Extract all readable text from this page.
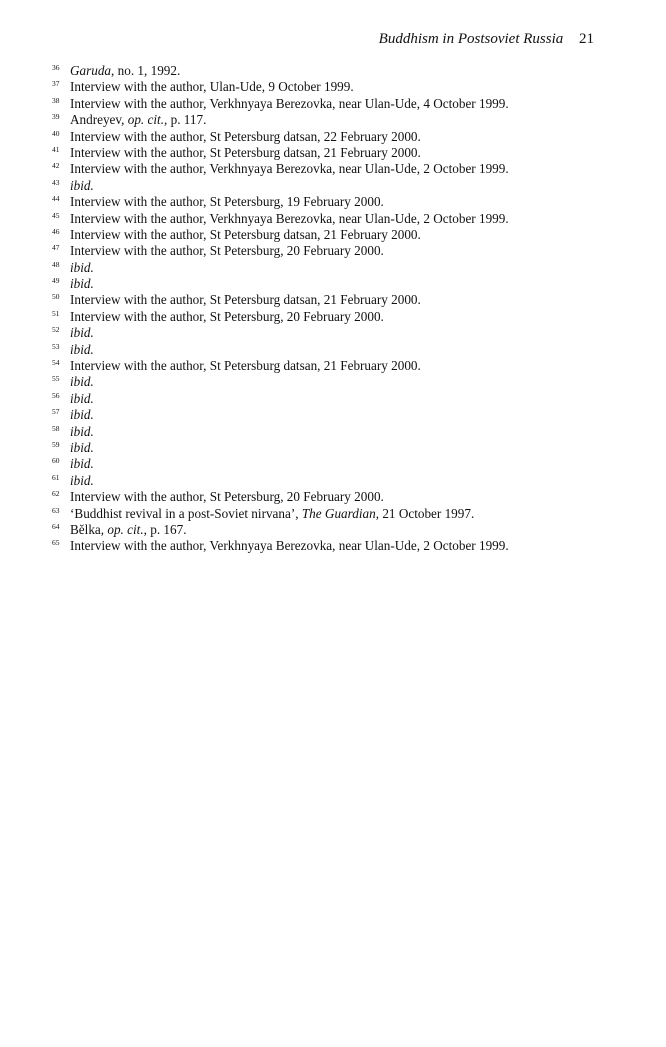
Buddhism in Postsoviet Russia 21
36 Garuda, no. 1, 1992.
37 Interview with the author, Ulan-Ude, 9 October 1999.
38 Interview with the author, Verkhnyaya Berezovka, near Ulan-Ude, 4 October 1999.
39 Andreyev, op. cit., p. 117.
40 Interview with the author, St Petersburg datsan, 22 February 2000.
41 Interview with the author, St Petersburg datsan, 21 February 2000.
42 Interview with the author, Verkhnyaya Berezovka, near Ulan-Ude, 2 October 1999.
43 ibid.
44 Interview with the author, St Petersburg, 19 February 2000.
45 Interview with the author, Verkhnyaya Berezovka, near Ulan-Ude, 2 October 1999.
46 Interview with the author, St Petersburg datsan, 21 February 2000.
47 Interview with the author, St Petersburg, 20 February 2000.
48 ibid.
49 ibid.
50 Interview with the author, St Petersburg datsan, 21 February 2000.
51 Interview with the author, St Petersburg, 20 February 2000.
52 ibid.
53 ibid.
54 Interview with the author, St Petersburg datsan, 21 February 2000.
55 ibid.
56 ibid.
57 ibid.
58 ibid.
59 ibid.
60 ibid.
61 ibid.
62 Interview with the author, St Petersburg, 20 February 2000.
63 ‘Buddhist revival in a post-Soviet nirvana’, The Guardian, 21 October 1997.
64 Bĕlka, op. cit., p. 167.
65 Interview with the author, Verkhnyaya Berezovka, near Ulan-Ude, 2 October 1999.
